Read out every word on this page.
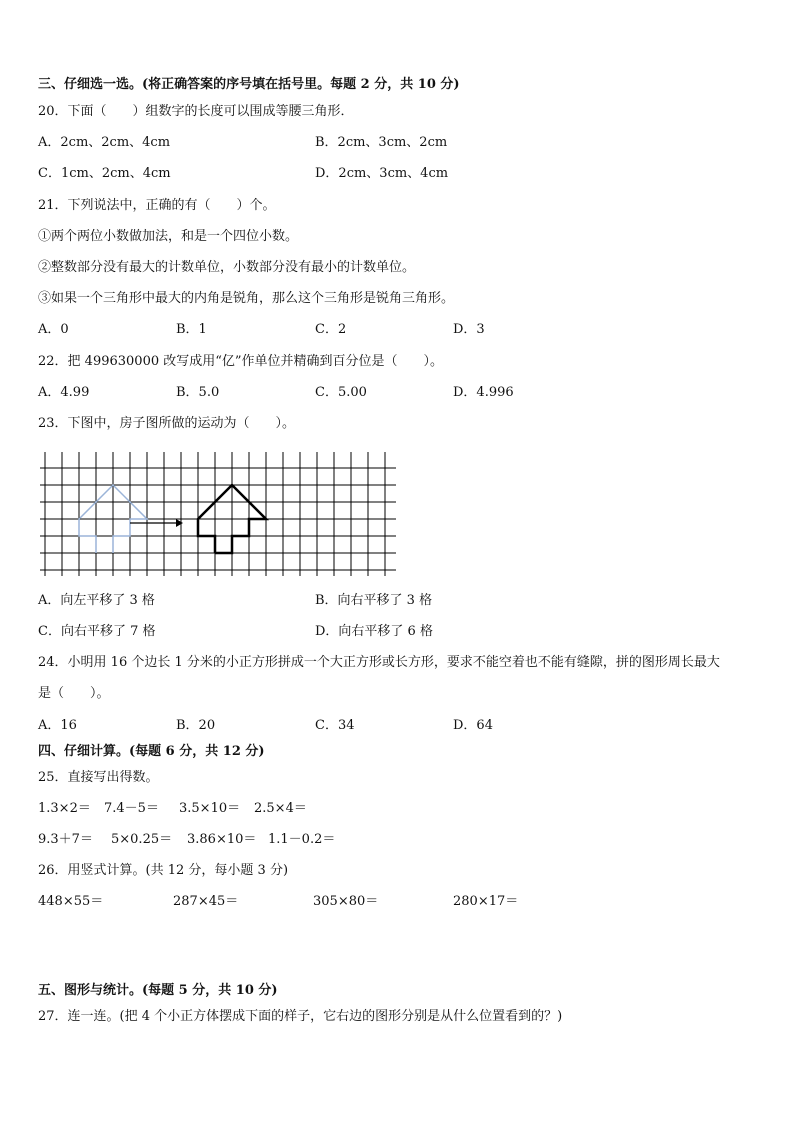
三、仔细选一选。(将正确答案的序号填在括号里。每题 2 分，共 10 分)
20．下面（　　）组数字的长度可以围成等腰三角形．
A．2cm、2cm、4cm	B．2cm、3cm、2cm
C．1cm、2cm、4cm	D．2cm、3cm、4cm
21．下列说法中，正确的有（　　）个。
①两个两位小数做加法，和是一个四位小数。
②整数部分没有最大的计数单位，小数部分没有最小的计数单位。
③如果一个三角形中最大的内角是锐角，那么这个三角形是锐角三角形。
A．0	B．1	C．2	D．3
22．把 499630000 改写成用“亿”作单位并精确到百分位是（　　）。
A．4.99	B．5.0	C．5.00	D．4.996
23．下图中，房子图所做的运动为（　　）。
A．向左平移了 3 格	B．向右平移了 3 格
C．向右平移了 7 格	D．向右平移了 6 格
24．小明用 16 个边长 1 分米的小正方形拼成一个大正方形或长方形，要求不能空着也不能有缝隙，拼的图形周长最大
是（　　）。
A．16	B．20	C．34	D．64
四、仔细计算。(每题 6 分，共 12 分)
25．直接写出得数。
1.3×2＝ 7.4－5＝ 3.5×10＝ 2.5×4＝
9.3＋7＝ 5×0.25＝ 3.86×10＝ 1.1－0.2＝
26．用竖式计算。(共 12 分，每小题 3 分)
448×55＝	287×45＝	305×80＝	280×17＝
五、图形与统计。(每题 5 分，共 10 分)
27．连一连。(把 4 个小正方体摆成下面的样子，它右边的图形分别是从什么位置看到的？)
